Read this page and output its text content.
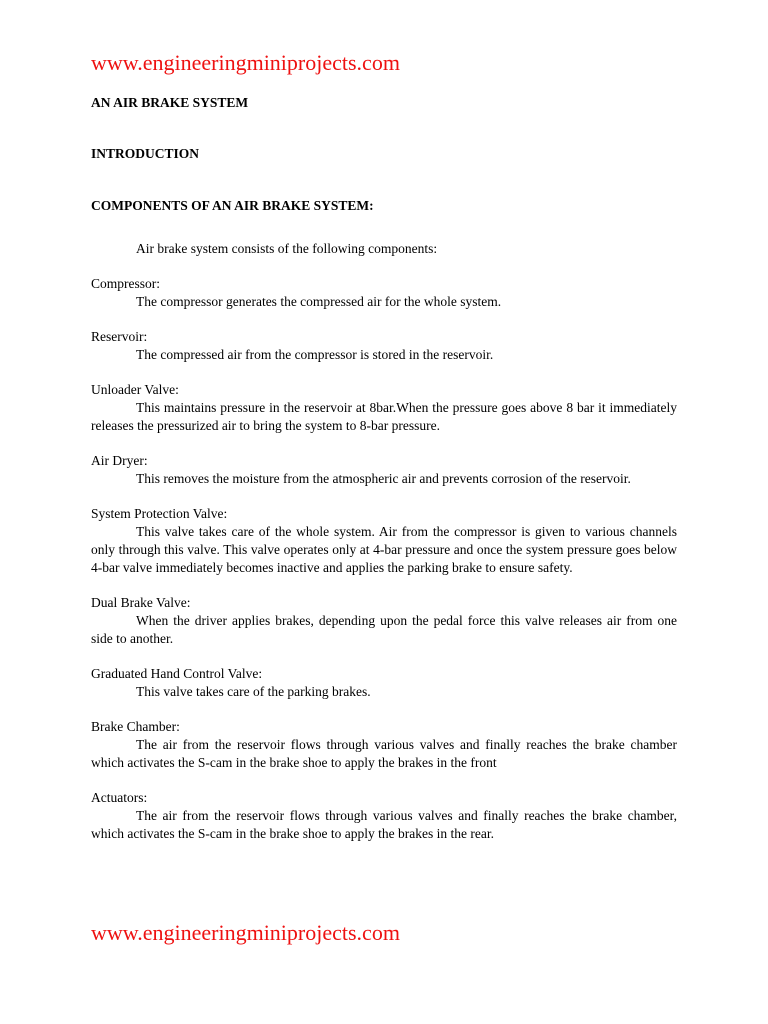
www.engineeringminiprojects.com
AN AIR BRAKE SYSTEM
INTRODUCTION
COMPONENTS OF AN AIR BRAKE SYSTEM:
Air brake system consists of the following components:
Compressor:

The compressor generates the compressed air for the whole system.

Reservoir:

The compressed air from the compressor is stored in the reservoir.

Unloader Valve:

This maintains pressure in the reservoir at 8bar.When the pressure goes above 8 bar it immediately releases the pressurized air to bring the system to 8-bar pressure.

Air Dryer:

This removes the moisture from the atmospheric air and prevents corrosion of the reservoir.

System Protection Valve:

This valve takes care of the whole system. Air from the compressor is given to various channels only through this valve. This valve operates only at 4-bar pressure and once the system pressure goes below 4-bar valve immediately becomes inactive and applies the parking brake to ensure safety.

Dual Brake Valve:

When the driver applies brakes, depending upon the pedal force this valve releases air from one side to another.

Graduated Hand Control Valve:

This valve takes care of the parking brakes.

Brake Chamber:

The air from the reservoir flows through various valves and finally reaches the brake chamber which activates the S-cam in the brake shoe to apply the brakes in the front

Actuators:

The air from the reservoir flows through various valves and finally reaches the brake chamber, which activates the S-cam in the brake shoe to apply the brakes in the rear.

www.engineeringminiprojects.com
